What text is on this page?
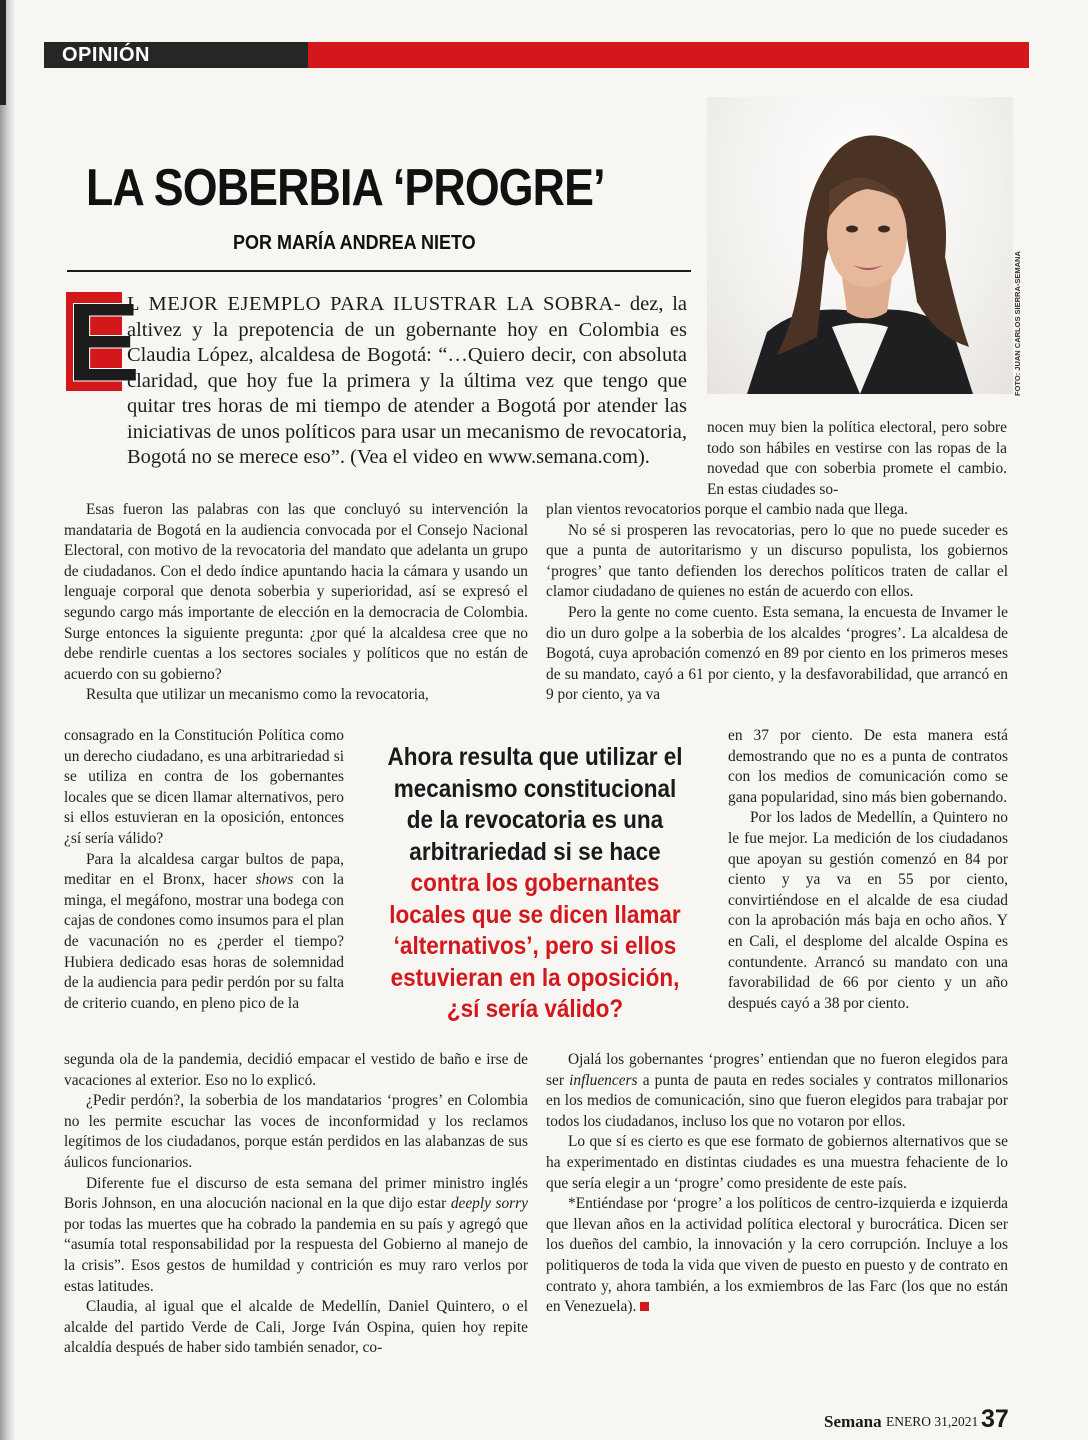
OPINIÓN
LA SOBERBIA ‘PROGRE’
POR MARÍA ANDREA NIETO
FOTO: JUAN CARLOS SIERRA-SEMANA
E

L MEJOR EJEMPLO PARA ILUSTRAR LA SOBRA- dez, la altivez y la prepotencia de un gobernante hoy en Colombia es Claudia López, alcaldesa de Bogotá: “…Quiero decir, con absoluta claridad, que hoy fue la primera y la última vez que tengo que quitar tres horas de mi tiempo de atender a Bogotá por atender las iniciativas de unos políticos para usar un mecanismo de revocatoria, Bogotá no se merece eso”. (Vea el video en www.semana.com).

nocen muy bien la política electoral, pero sobre todo son hábiles en vestirse con las ropas de la novedad que con soberbia promete el cambio. En estas ciudades so-

Esas fueron las palabras con las que concluyó su intervención la mandataria de Bogotá en la audiencia convocada por el Consejo Nacional Electoral, con motivo de la revocatoria del mandato que adelanta un grupo de ciudadanos. Con el dedo índice apuntando hacia la cámara y usando un lenguaje corporal que denota soberbia y superioridad, así se expresó el segundo cargo más importante de elección en la democracia de Colombia. Surge entonces la siguiente pregunta: ¿por qué la alcaldesa cree que no debe rendirle cuentas a los sectores sociales y políticos que no están de acuerdo con su gobierno?

Resulta que utilizar un mecanismo como la revocatoria,

consagrado en la Constitución Política como un derecho ciudadano, es una arbitrariedad si se utiliza en contra de los gobernantes locales que se dicen llamar alternativos, pero si ellos estuvieran en la oposición, entonces ¿sí sería válido?

Para la alcaldesa cargar bultos de papa, meditar en el Bronx, hacer shows con la minga, el megáfono, mostrar una bodega con cajas de condones como insumos para el plan de vacunación no es ¿perder el tiempo? Hubiera dedicado esas horas de solemnidad de la audiencia para pedir perdón por su falta de criterio cuando, en pleno pico de la

segunda ola de la pandemia, decidió empacar el vestido de baño e irse de vacaciones al exterior. Eso no lo explicó.

¿Pedir perdón?, la soberbia de los mandatarios ‘progres’ en Colombia no les permite escuchar las voces de inconformidad y los reclamos legítimos de los ciudadanos, porque están perdidos en las alabanzas de sus áulicos funcionarios.

Diferente fue el discurso de esta semana del primer ministro inglés Boris Johnson, en una alocución nacional en la que dijo estar deeply sorry por todas las muertes que ha cobrado la pandemia en su país y agregó que “asumía total responsabilidad por la respuesta del Gobierno al manejo de la crisis”. Esos gestos de humildad y contrición es muy raro verlos por estas latitudes.

Claudia, al igual que el alcalde de Medellín, Daniel Quintero, o el alcalde del partido Verde de Cali, Jorge Iván Ospina, quien hoy repite alcaldía después de haber sido también senador, co-

plan vientos revocatorios porque el cambio nada que llega.

No sé si prosperen las revocatorias, pero lo que no puede suceder es que a punta de autoritarismo y un discurso populista, los gobiernos ‘progres’ que tanto defienden los derechos políticos traten de callar el clamor ciudadano de quienes no están de acuerdo con ellos.

Pero la gente no come cuento. Esta semana, la encuesta de Invamer le dio un duro golpe a la soberbia de los alcaldes ‘progres’. La alcaldesa de Bogotá, cuya aprobación comenzó en 89 por ciento en los primeros meses de su mandato, cayó a 61 por ciento, y la desfavorabilidad, que arrancó en 9 por ciento, ya va

en 37 por ciento. De esta manera está demostrando que no es a punta de contratos con los medios de comunicación como se gana popularidad, sino más bien gobernando.

Por los lados de Medellín, a Quintero no le fue mejor. La medición de los ciudadanos que apoyan su gestión comenzó en 84 por ciento y ya va en 55 por ciento, convirtiéndose en el alcalde de esa ciudad con la aprobación más baja en ocho años. Y en Cali, el desplome del alcalde Ospina es contundente. Arrancó su mandato con una favorabilidad de 66 por ciento y un año después cayó a 38 por ciento.

Ojalá los gobernantes ‘progres’ entiendan que no fueron elegidos para ser influencers a punta de pauta en redes sociales y contratos millonarios en los medios de comunicación, sino que fueron elegidos para trabajar por todos los ciudadanos, incluso los que no votaron por ellos.

Lo que sí es cierto es que ese formato de gobiernos alternativos que se ha experimentado en distintas ciudades es una muestra fehaciente de lo que sería elegir a un ‘progre’ como presidente de este país.

*Entiéndase por ‘progre’ a los políticos de centro-izquierda e izquierda que llevan años en la actividad política electoral y burocrática. Dicen ser los dueños del cambio, la innovación y la cero corrupción. Incluye a los politiqueros de toda la vida que viven de puesto en puesto y de contrato en contrato y, ahora también, a los exmiembros de las Farc (los que no están en Venezuela).

Ahora resulta que utilizar el mecanismo constitucional de la revocatoria es una arbitrariedad si se hace contra los gobernantes locales que se dicen llamar ‘alternativos’, pero si ellos estuvieran en la oposición, ¿sí sería válido?
Semana ENERO 31,2021 37
